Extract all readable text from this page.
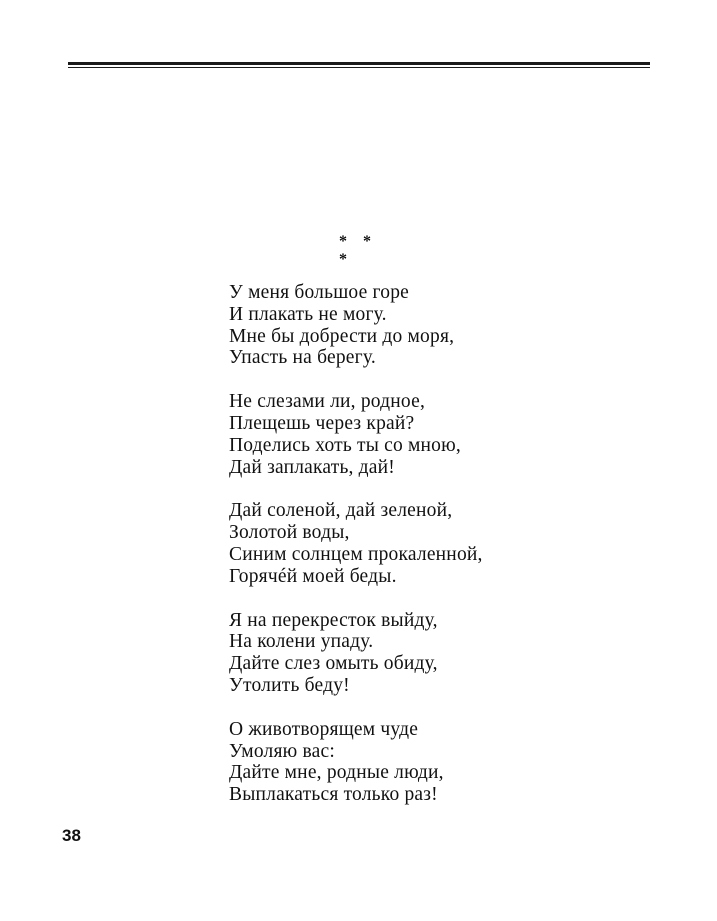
* * *
У меня большое горе
И плакать не могу.
Мне бы добрести до моря,
Упасть на берегу.
Не слезами ли, родное,
Плещешь через край?
Поделись хоть ты со мною,
Дай заплакать, дай!
Дай соленой, дай зеленой,
Золотой воды,
Синим солнцем прокаленной,
Горячéй моей беды.
Я на перекресток выйду,
На колени упаду.
Дайте слез омыть обиду,
Утолить беду!
О животворящем чуде
Умоляю вас:
Дайте мне, родные люди,
Выплакаться только раз!
38
